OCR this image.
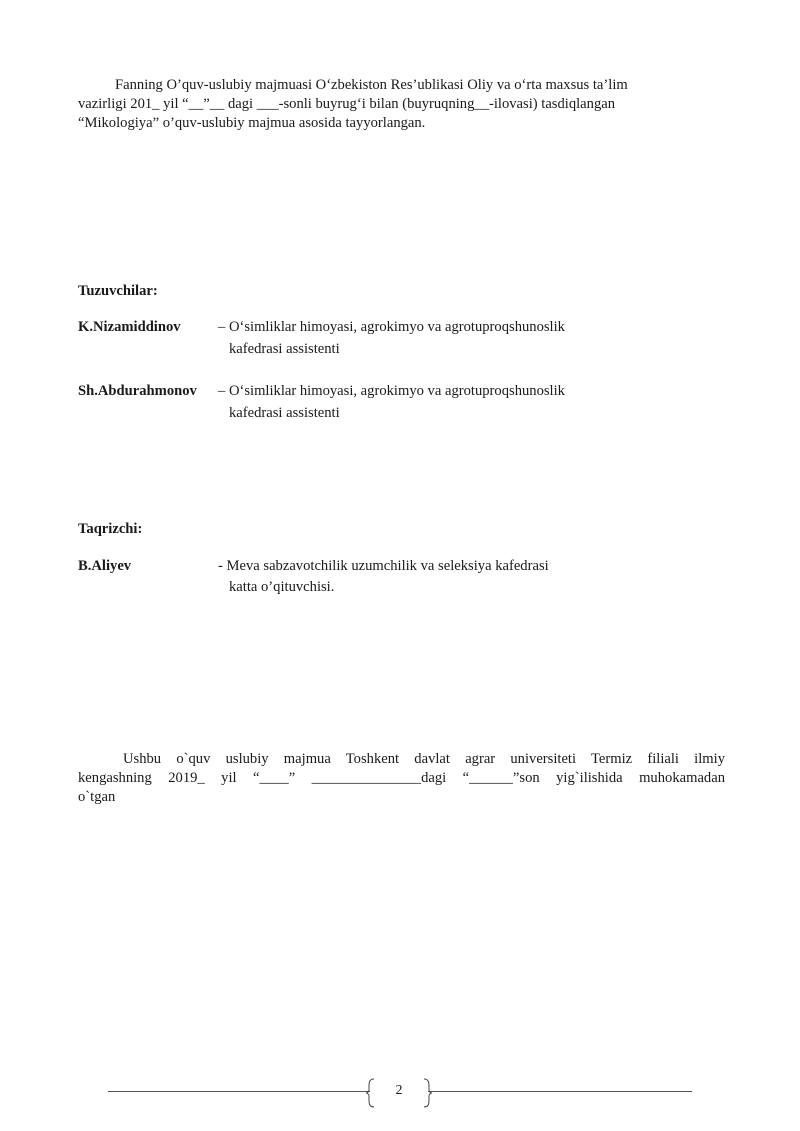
Fanning O’quv-uslubiy majmuasi O‘zbekiston Res’ublikasi Oliy va o‘rta maxsus ta’lim
vazirligi 201_ yil “__”__ dagi ___-sonli buyrug‘i bilan (buyruqning__-ilovasi) tasdiqlangan
“Mikologiya” o’quv-uslubiy majmua asosida tayyorlangan.
Tuzuvchilar:
K.Nizamiddinov	– O‘simliklar himoyasi, agrokimyo va agrotuproqshunoslik
kafedrasi assistenti
Sh.Abdurahmonov – O‘simliklar himoyasi, agrokimyo va agrotuproqshunoslik
kafedrasi assistenti
Taqrizchi:
B.Aliyev	- Meva sabzavotchilik uzumchilik va seleksiya kafedrasi
katta o’qituvchisi.
Ushbu o`quv uslubiy majmua Toshkent davlat agrar universiteti Termiz filiali ilmiy
kengashning 2019_ yil “____” _______________dagi “______”son yig`ilishida muhokamadan
o`tgan
2
